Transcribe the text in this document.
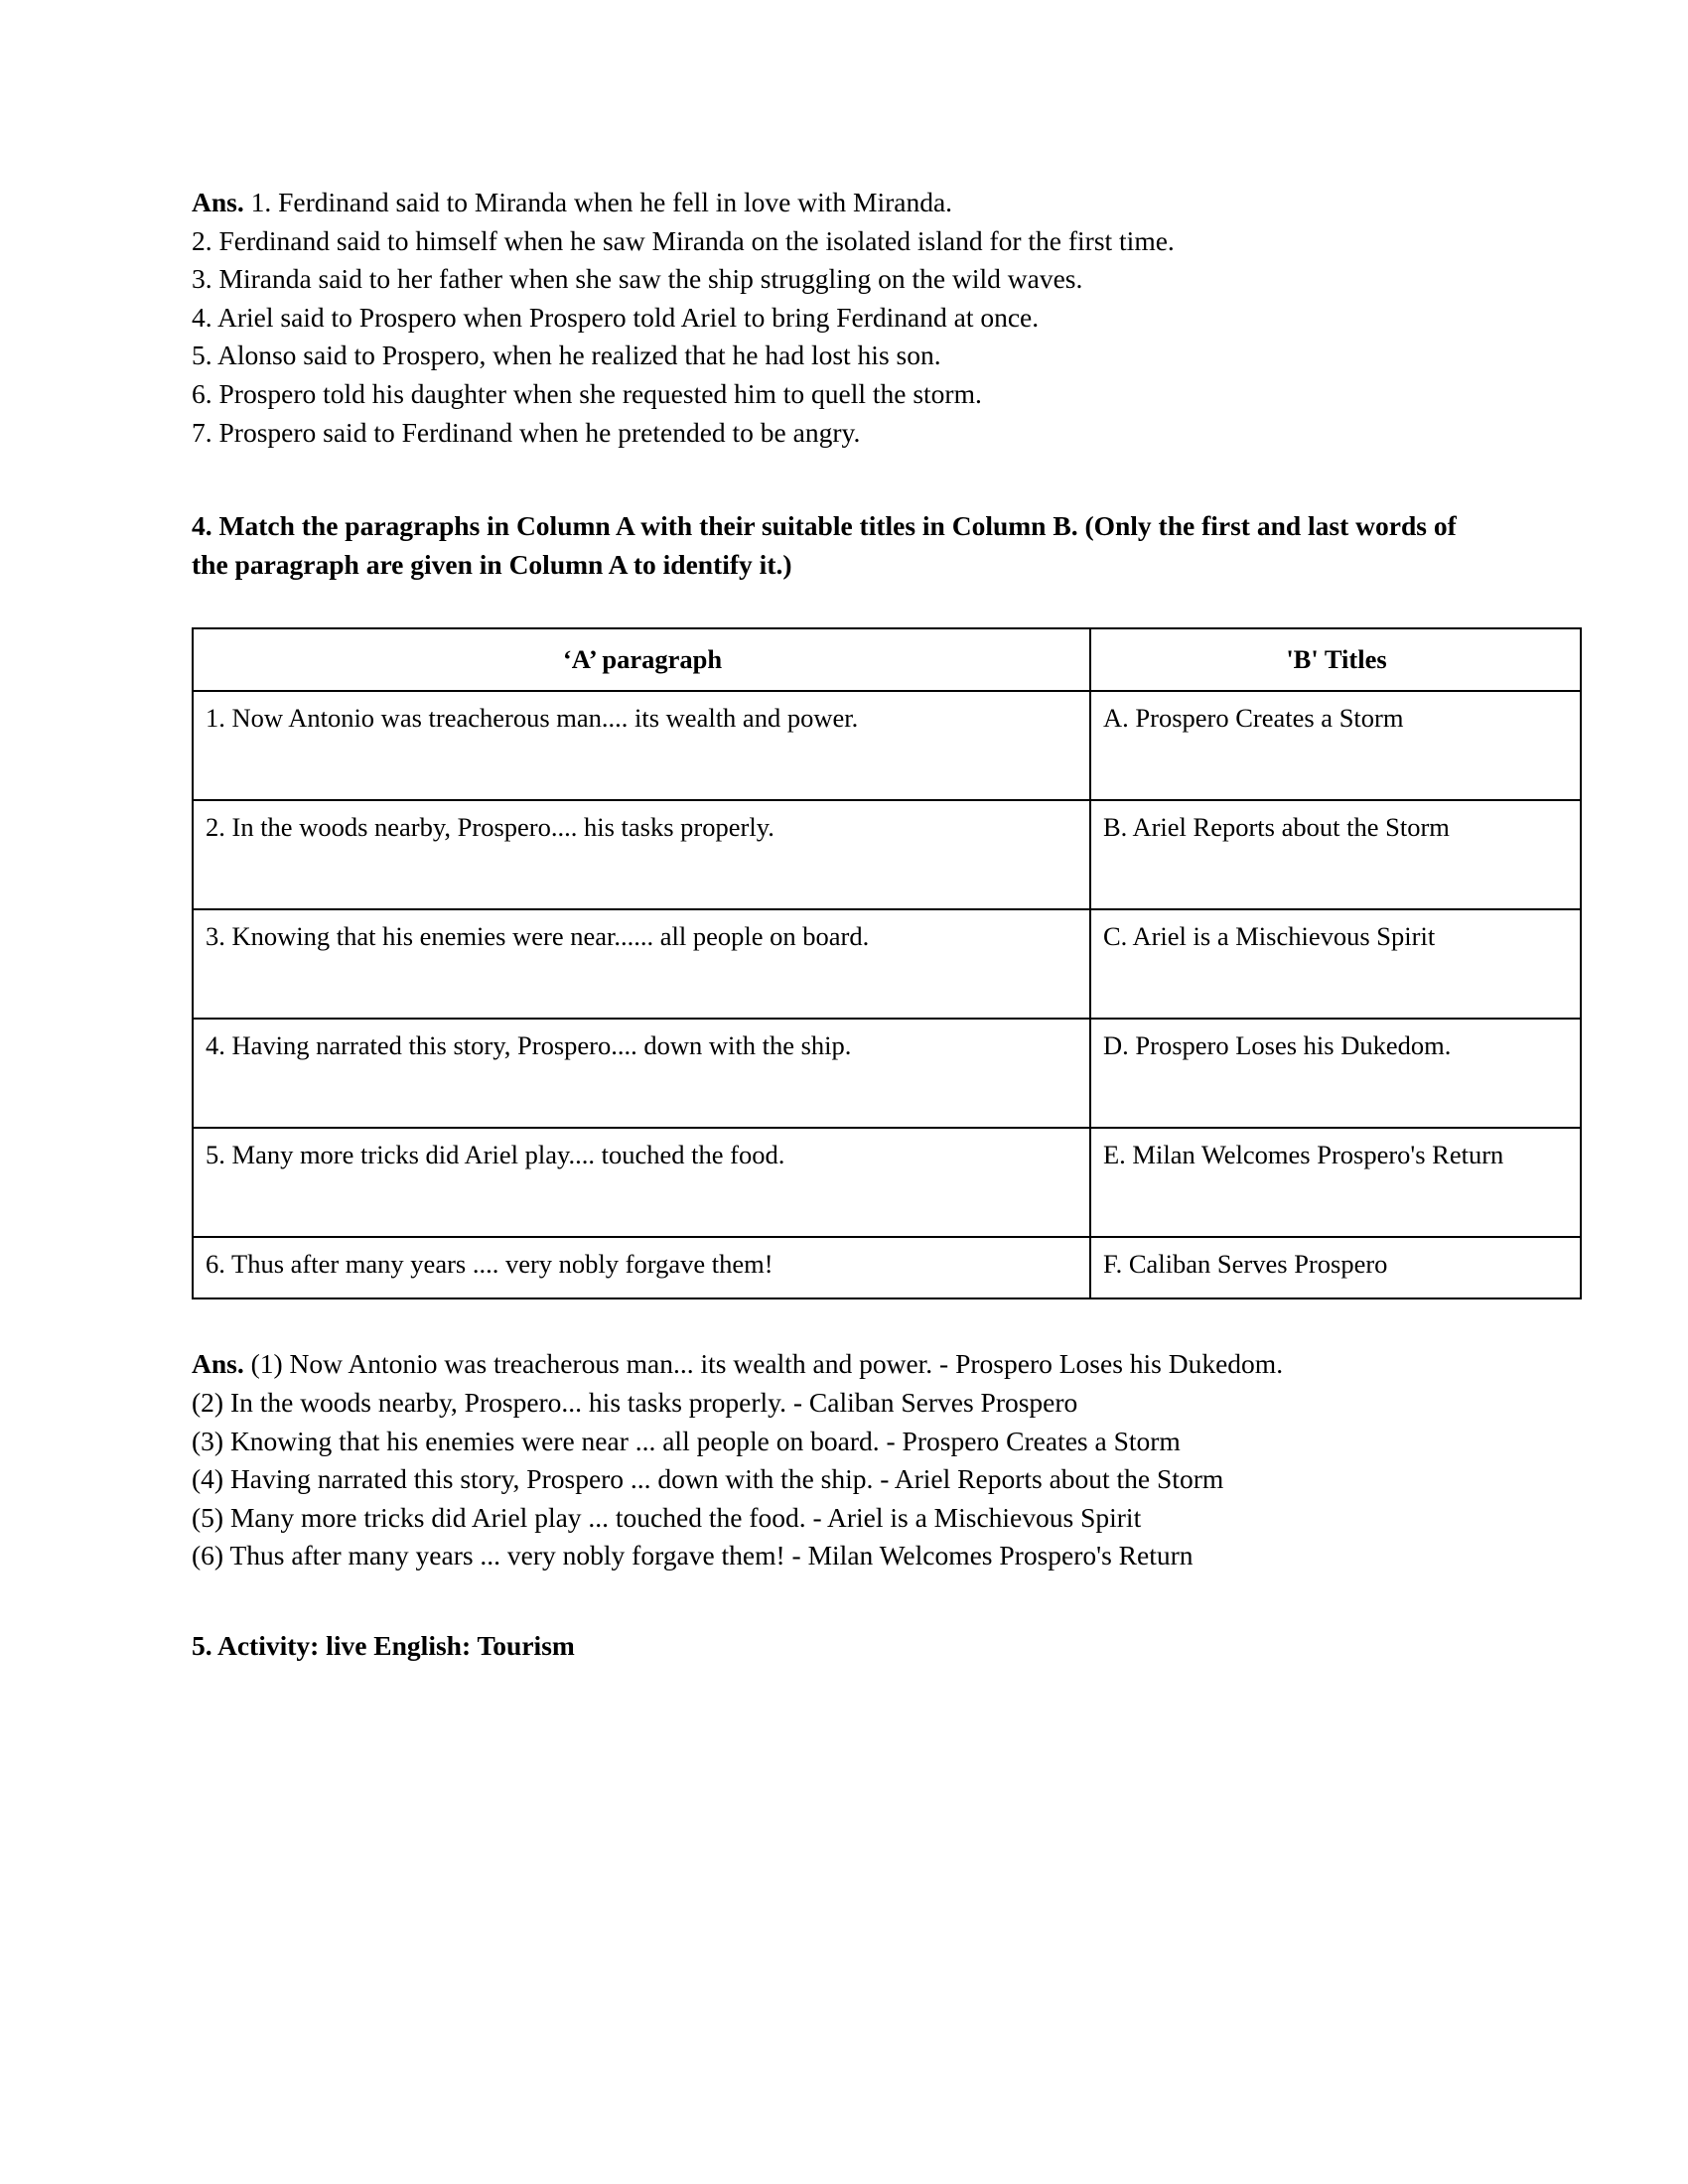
Ans. 1. Ferdinand said to Miranda when he fell in love with Miranda.
2. Ferdinand said to himself when he saw Miranda on the isolated island for the first time.
3. Miranda said to her father when she saw the ship struggling on the wild waves.
4. Ariel said to Prospero when Prospero told Ariel to bring Ferdinand at once.
5. Alonso said to Prospero, when he realized that he had lost his son.
6. Prospero told his daughter when she requested him to quell the storm.
7. Prospero said to Ferdinand when he pretended to be angry.
4. Match the paragraphs in Column A with their suitable titles in Column B. (Only the first and last words of the paragraph are given in Column A to identify it.)
‘A’ paragraph	'B' Titles
1. Now Antonio was treacherous man.... its wealth and power.	A. Prospero Creates a Storm
2. In the woods nearby, Prospero.... his tasks properly.	B. Ariel Reports about the Storm
3. Knowing that his enemies were near...... all people on board.	C. Ariel is a Mischievous Spirit
4. Having narrated this story, Prospero.... down with the ship.	D. Prospero Loses his Dukedom.
5. Many more tricks did Ariel play.... touched the food.	E. Milan Welcomes Prospero's Return
6. Thus after many years .... very nobly forgave them!	F. Caliban Serves Prospero
Ans. (1) Now Antonio was treacherous man... its wealth and power. - Prospero Loses his Dukedom.
(2) In the woods nearby, Prospero... his tasks properly. - Caliban Serves Prospero
(3) Knowing that his enemies were near ... all people on board. - Prospero Creates a Storm
(4) Having narrated this story, Prospero ... down with the ship. - Ariel Reports about the Storm
(5) Many more tricks did Ariel play ... touched the food. - Ariel is a Mischievous Spirit
(6) Thus after many years ... very nobly forgave them! - Milan Welcomes Prospero's Return
5. Activity: live English: Tourism
